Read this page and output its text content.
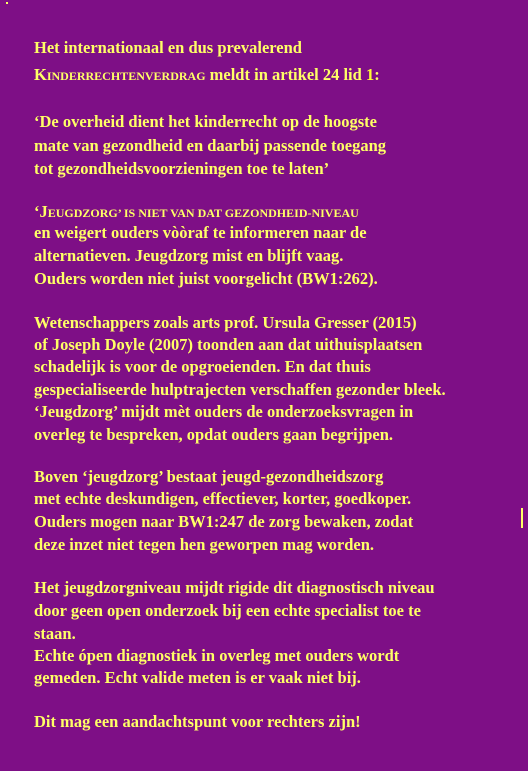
Het internationaal en dus prevalerend
KINDERRECHTENVERDRAG meldt in artikel 24 lid 1:
‘De overheid dient het kinderrecht op de hoogste
mate van gezondheid en daarbij passende toegang
tot gezondheidsvoorzieningen toe te laten’
‘JEUGDZORG’ IS NIET VAN DAT GEZONDHEID-NIVEAU
en weigert ouders vòòraf te informeren naar de
alternatieven. Jeugdzorg mist en blijft vaag.
Ouders worden niet juist voorgelicht (BW1:262).
Wetenschappers zoals arts prof. Ursula Gresser (2015)
of Joseph Doyle (2007) toonden aan dat uithuisplaatsen
schadelijk is voor de opgroeienden. En dat thuis
gespecialiseerde hulptrajecten verschaffen gezonder bleek.
‘Jeugdzorg’ mijdt mèt ouders de onderzoeksvragen in
overleg te bespreken, opdat ouders gaan begrijpen.
Boven ‘jeugdzorg’ bestaat jeugd-gezondheidszorg
met echte deskundigen, effectiever, korter, goedkoper.
Ouders mogen naar BW1:247 de zorg bewaken, zodat
deze inzet niet tegen hen geworpen mag worden.
Het jeugdzorgniveau mijdt rigide dit diagnostisch niveau
door geen open onderzoek bij een echte specialist toe te
staan.
Echte ópen diagnostiek in overleg met ouders wordt
gemeden. Echt valide meten is er vaak niet bij.
Dit mag een aandachtspunt voor rechters zijn!
